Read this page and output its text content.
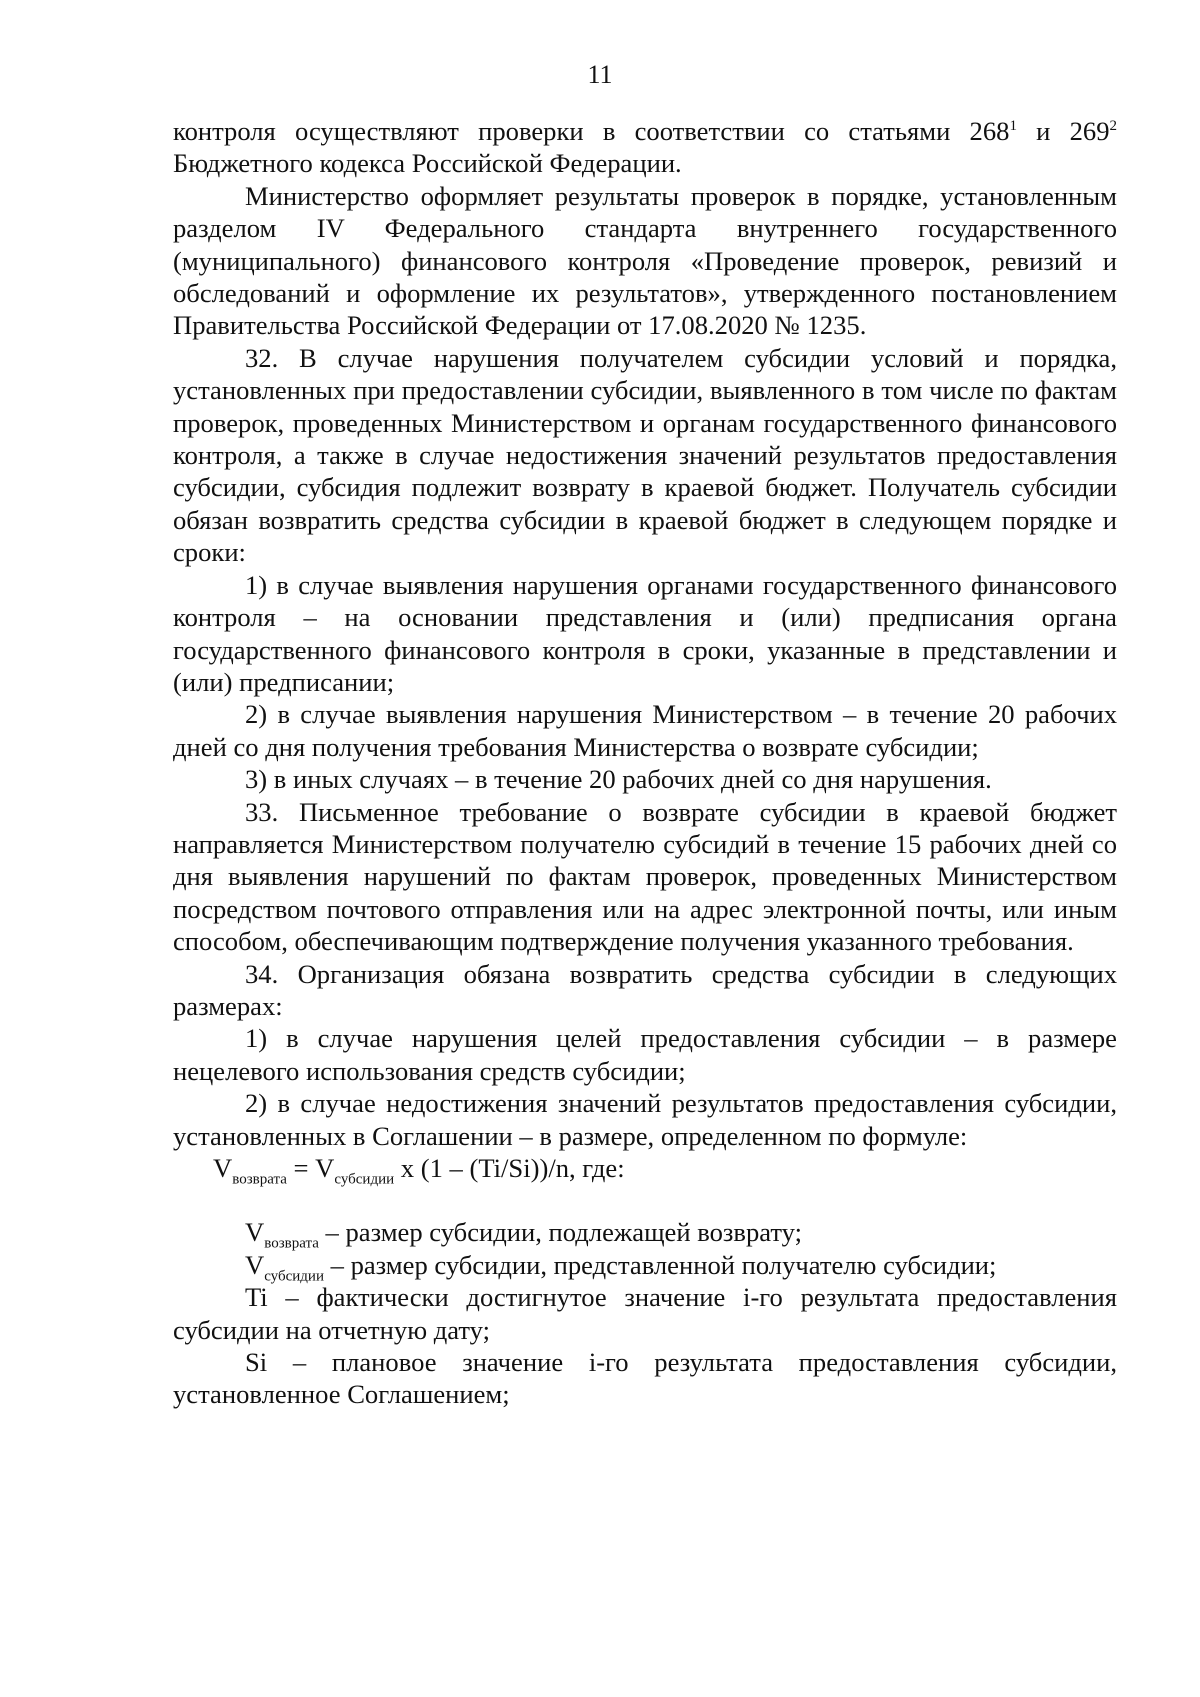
11

контроля осуществляют проверки в соответствии со статьями $268^1$ и $269^2$ Бюджетного кодекса Российской Федерации.

Министерство оформляет результаты проверок в порядке, установленным разделом IV Федерального стандарта внутреннего государственного (муниципального) финансового контроля «Проведение проверок, ревизий и обследований и оформление их результатов», утвержденного постановлением Правительства Российской Федерации от 17.08.2020 № 1235.

32. В случае нарушения получателем субсидии условий и порядка, установленных при предоставлении субсидии, выявленного в том числе по фактам проверок, проведенных Министерством и органам государственного финансового контроля, а также в случае недостижения значений результатов предоставления субсидии, субсидия подлежит возврату в краевой бюджет. Получатель субсидии обязан возвратить средства субсидии в краевой бюджет в следующем порядке и сроки:

1) в случае выявления нарушения органами государственного финансового контроля – на основании представления и (или) предписания органа государственного финансового контроля в сроки, указанные в представлении и (или) предписании;

2) в случае выявления нарушения Министерством – в течение 20 рабочих дней со дня получения требования Министерства о возврате субсидии;

3) в иных случаях – в течение 20 рабочих дней со дня нарушения.

33. Письменное требование о возврате субсидии в краевой бюджет направляется Министерством получателю субсидий в течение 15 рабочих дней со дня выявления нарушений по фактам проверок, проведенных Министерством посредством почтового отправления или на адрес электронной почты, или иным способом, обеспечивающим подтверждение получения указанного требования.

34. Организация обязана возвратить средства субсидии в следующих размерах:

1) в случае нарушения целей предоставления субсидии – в размере нецелевого использования средств субсидии;

2) в случае недостижения значений результатов предоставления субсидии, установленных в Соглашении – в размере, определенном по формуле:

$V_{возврата} = V_{субсидии}$ x (1 – (Ti/Si))/n, где:

$V_{возврата}$ – размер субсидии, подлежащей возврату;

$V_{субсидии}$ – размер субсидии, представленной получателю субсидии;

Ti – фактически достигнутое значение i-го результата предоставления субсидии на отчетную дату;

Si – плановое значение i-го результата предоставления субсидии, установленное Соглашением;
